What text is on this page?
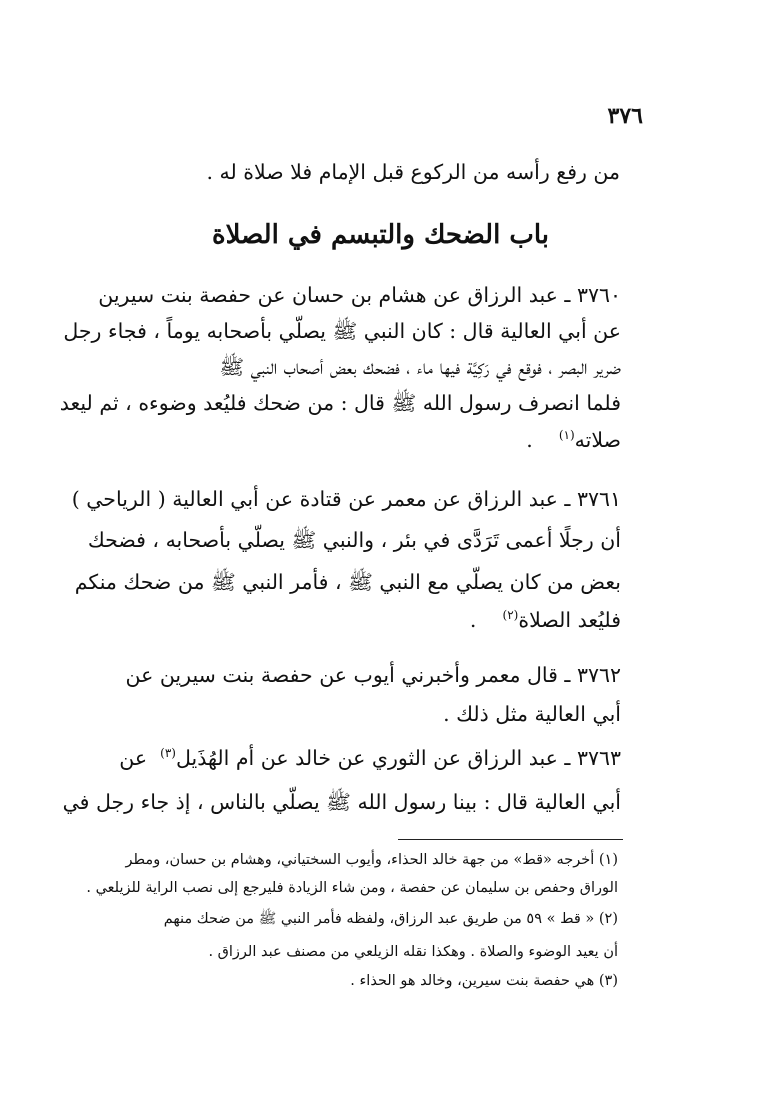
٣٧٦
من رفع رأسه من الركوع قبل الإمام فلا صلاة له .
باب الضحك والتبسم في الصلاة
٣٧٦٠ ـ عبد الرزاق عن هشام بن حسان عن حفصة بنت سيرين
عن أبي العالية قال : كان النبي ﷺ يصلّي بأصحابه يوماً ، فجاء رجل
ضرير البصر ، فوقع في رَكِيَّة فيها ماء ، فضحك بعض أصحاب النبي ﷺ
فلما انصرف رسول الله ﷺ قال : من ضحك فليُعد وضوءه ، ثم ليعد
صلاته$^{(١)}$    .
٣٧٦١ ـ عبد الرزاق عن معمر عن قتادة عن أبي العالية ( الرياحي )
أن رجلًا أعمى تَرَدَّى في بئر ، والنبي ﷺ يصلّي بأصحابه ، فضحك
بعض من كان يصلّي مع النبي ﷺ ، فأمر النبي ﷺ من ضحك منكم
فليُعد الصلاة$^{(٢)}$    .
٣٧٦٢ ـ قال معمر وأخبرني أيوب عن حفصة بنت سيرين عن
أبي العالية مثل ذلك .
٣٧٦٣ ـ عبد الرزاق عن الثوري عن خالد عن أم الهُذَيل$^{(٣)}$  عن
أبي العالية قال : بينا رسول الله ﷺ يصلّي بالناس ، إذ جاء رجل في
(١) أخرجه «قط» من جهة خالد الحذاء، وأيوب السختياني، وهشام بن حسان، ومطر
الوراق وحفص بن سليمان عن حفصة ، ومن شاء الزيادة فليرجع إلى نصب الراية للزيلعي .
(٢) « قط » ٥٩ من طريق عبد الرزاق، ولفظه فأمر النبي ﷺ من ضحك منهم
أن يعيد الوضوء والصلاة . وهكذا نقله الزيلعي من مصنف عبد الرزاق .
(٣) هي حفصة بنت سيرين، وخالد هو الحذاء .
